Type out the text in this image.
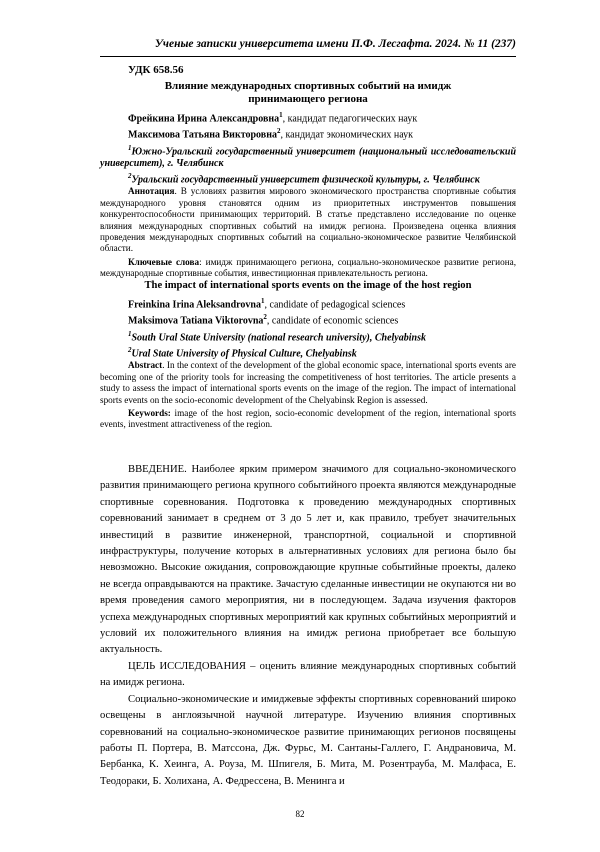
Ученые записки университета имени П.Ф. Лесгафта. 2024. № 11 (237)

УДК 658.56

Влияние международных спортивных событий на имидж принимающего региона

Фрейкина Ирина Александровна$^1$, кандидат педагогических наук

Максимова Татьяна Викторовна$^2$, кандидат экономических наук

$^1$Южно-Уральский государственный университет (национальный исследовательский университет), г. Челябинск

$^2$Уральский государственный университет физической культуры, г. Челябинск

Аннотация. В условиях развития мирового экономического пространства спортивные события международного уровня становятся одним из приоритетных инструментов повышения конкурентоспособности принимающих территорий. В статье представлено исследование по оценке влияния международных спортивных событий на имидж региона. Произведена оценка влияния проведения международных спортивных событий на социально-экономическое развитие Челябинской области.

Ключевые слова: имидж принимающего региона, социально-экономическое развитие региона, международные спортивные события, инвестиционная привлекательность региона.

The impact of international sports events on the image of the host region

Freinkina Irina Aleksandrovna$^1$, candidate of pedagogical sciences

Maksimova Tatiana Viktorovna$^2$, candidate of economic sciences

$^1$South Ural State University (national research university), Chelyabinsk

$^2$Ural State University of Physical Culture, Chelyabinsk

Abstract. In the context of the development of the global economic space, international sports events are becoming one of the priority tools for increasing the competitiveness of host territories. The article presents a study to assess the impact of international sports events on the image of the region. The impact of international sports events on the socio-economic development of the Chelyabinsk Region is assessed.

Keywords: image of the host region, socio-economic development of the region, international sports events, investment attractiveness of the region.

ВВЕДЕНИЕ. Наиболее ярким примером значимого для социально-экономического развития принимающего региона крупного событийного проекта являются международные спортивные соревнования. Подготовка к проведению международных спортивных соревнований занимает в среднем от 3 до 5 лет и, как правило, требует значительных инвестиций в развитие инженерной, транспортной, социальной и спортивной инфраструктуры, получение которых в альтернативных условиях для региона было бы невозможно. Высокие ожидания, сопровождающие крупные событийные проекты, далеко не всегда оправдываются на практике. Зачастую сделанные инвестиции не окупаются ни во время проведения самого мероприятия, ни в последующем. Задача изучения факторов успеха международных спортивных мероприятий как крупных событийных мероприятий и условий их положительного влияния на имидж региона приобретает все большую актуальность.

ЦЕЛЬ ИССЛЕДОВАНИЯ – оценить влияние международных спортивных событий на имидж региона.

Социально-экономические и имиджевые эффекты спортивных соревнований широко освещены в англоязычной научной литературе. Изучению влияния спортивных соревнований на социально-экономическое развитие принимающих регионов посвящены работы П. Портера, В. Матссона, Дж. Фурьс, М. Сантаны-Галлего, Г. Андрановича, М. Бербанка, К. Хеинга, А. Роуза, М. Шпигеля, Б. Мита, М. Розентрауба, М. Малфаса, Е. Теодораки, Б. Холихана, А. Федрессена, В. Менинга и

82
